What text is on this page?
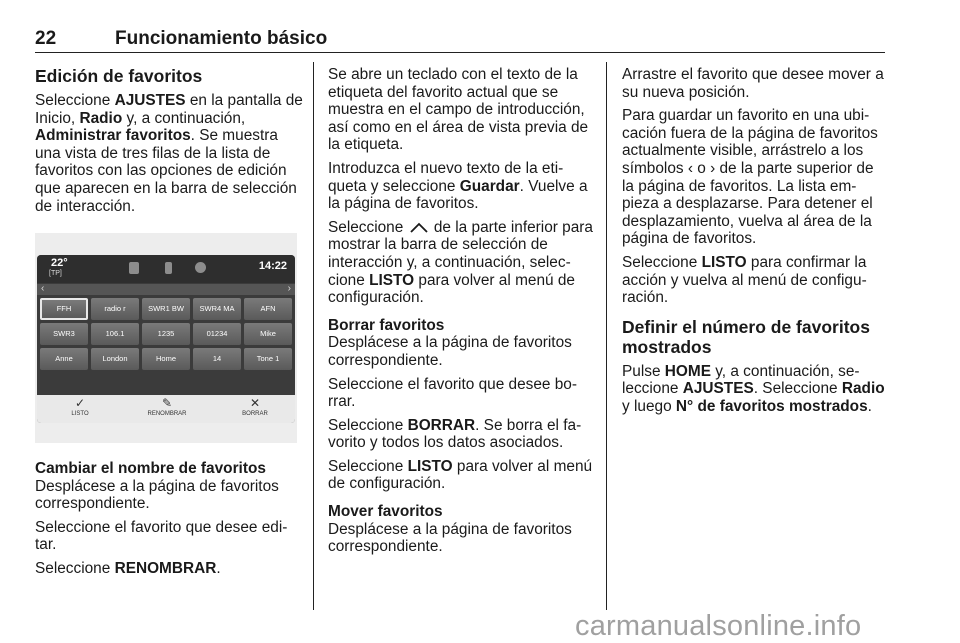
22	Funcionamiento básico
Edición de favoritos

Seleccione AJUSTES en la pantalla de Inicio, Radio y, a continuación, Administrar favoritos. Se muestra una vista de tres filas de la lista de favoritos con las opciones de edición que aparecen en la barra de selección de interacción.

22°
[TP]
14:22
‹	›
FFH	radio r	SWR1 BW	SWR4 MA	AFN
SWR3	106.1	1235	01234	Mike
Anne	London	Home	14	Tone 1
✓
LISTO
✎
RENOMBRAR
✕
BORRAR
Cambiar el nombre de favoritos

Desplácese a la página de favoritos correspondiente.

Seleccione el favorito que desee editar.

Seleccione RENOMBRAR.

Se abre un teclado con el texto de la etiqueta del favorito actual que se muestra en el campo de introducción, así como en el área de vista previa de la etiqueta.

Introduzca el nuevo texto de la etiqueta y seleccione Guardar. Vuelve a la página de favoritos.

Seleccione
de la parte inferior para mostrar la barra de selección de interacción y, a continuación, seleccione LISTO para volver al menú de configuración.

Borrar favoritos

Desplácese a la página de favoritos correspondiente.

Seleccione el favorito que desee borrar.

Seleccione BORRAR. Se borra el favorito y todos los datos asociados.

Seleccione LISTO para volver al menú de configuración.

Mover favoritos

Desplácese a la página de favoritos correspondiente.

Arrastre el favorito que desee mover a su nueva posición.

Para guardar un favorito en una ubicación fuera de la página de favoritos actualmente visible, arrástrelo a los símbolos ‹ o › de la parte superior de la página de favoritos. La lista empieza a desplazarse. Para detener el desplazamiento, vuelva al área de la página de favoritos.

Seleccione LISTO para confirmar la acción y vuelva al menú de configuración.

Definir el número de favoritos mostrados

Pulse HOME y, a continuación, seleccione AJUSTES. Seleccione Radio y luego N° de favoritos mostrados.

carmanualsonline.info
